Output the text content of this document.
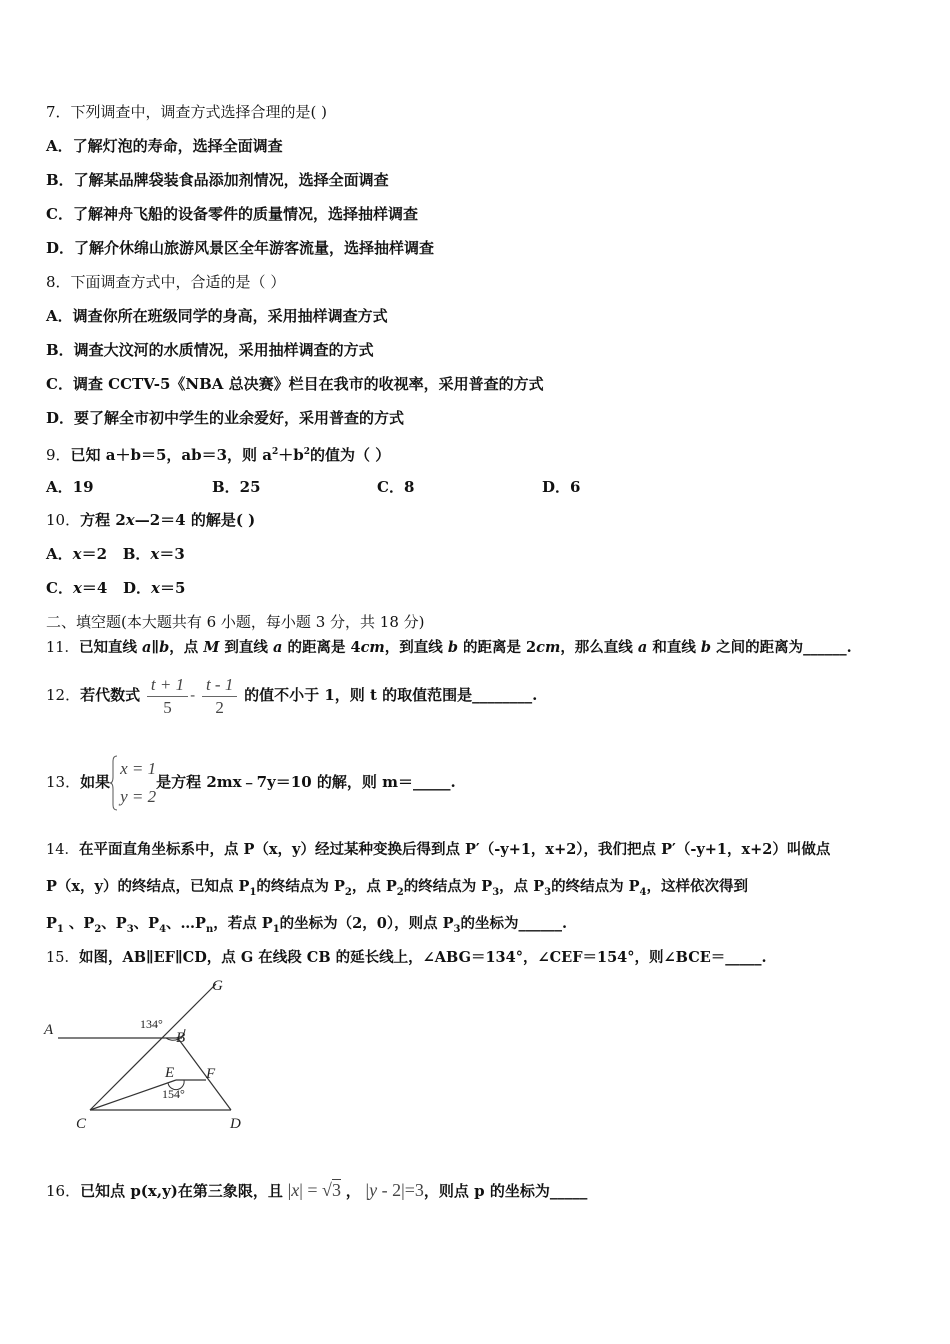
7．下列调查中，调查方式选择合理的是( )
A．了解灯泡的寿命，选择全面调查
B．了解某品牌袋装食品添加剂情况，选择全面调查
C．了解神舟飞船的设备零件的质量情况，选择抽样调查
D．了解介休绵山旅游风景区全年游客流量，选择抽样调查
8．下面调查方式中，合适的是（ ）
A．调查你所在班级同学的身高，采用抽样调查方式
B．调查大汶河的水质情况，采用抽样调査的方式
C．调查 CCTV-5《NBA 总决赛》栏目在我市的收视率，采用普查的方式
D．要了解全市初中学生的业余爱好，采用普查的方式
9．已知 a＋b＝5，ab＝3，则 $a^2+b^2$的值为（ ）
A．19	B．25	C．8	D．6
10．方程 2x—2＝4 的解是( )
A．x＝2 B．x＝3
C．x＝4 D．x＝5
二、填空题(本大题共有 6 小题，每小题 3 分，共 18 分)
11．已知直线 a∥b，点 M 到直线 a 的距离是 4cm，到直线 b 的距离是 2cm，那么直线 a 和直线 b 之间的距离为______.
12．若代数式 $\frac{t + 1}{5} - \frac{t - 1}{2}$ 的值不小于 1，则 t 的取值范围是________.
13．如果
x = 1
y = 2
是方程 2mx﹣7y＝10 的解，则 m＝_____.
14．在平面直角坐标系中，点 P（x，y）经过某种变换后得到点 P′（-y+1，x+2），我们把点 P′（-y+1，x+2）叫做点
P（x，y）的终结点，已知点 $P_1$的终结点为 $P_2$，点 $P_2$的终结点为 $P_3$，点 $P_3$的终结点为 $P_4$，这样依次得到
$P_1$ 、$P_2$、$P_3$、$P_4$、$\dots P_n$，若点 $P_1$的坐标为（2，0），则点 $P_3$的坐标为______.
15．如图，AB∥EF∥CD，点 G 在线段 CB 的延长线上，∠ABG＝134°，∠CEF＝154°，则∠BCE＝_____.
A	B
C	D
E F
G
134°
154°
16．已知点 p(x,y)在第三象限，且 |x| = √3 ， |y - 2|=3，则点 p 的坐标为_____
